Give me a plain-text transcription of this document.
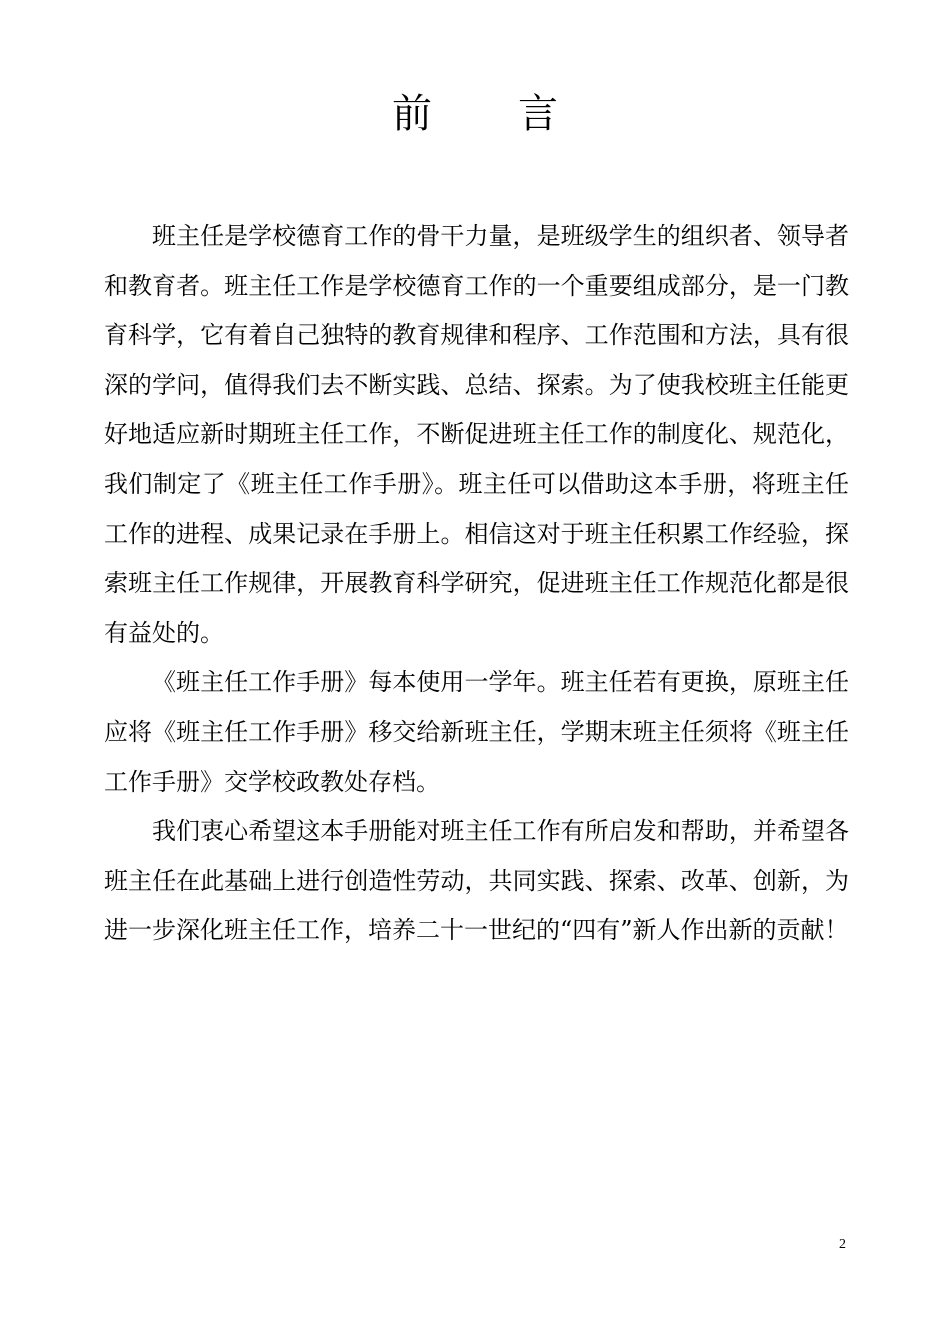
前 言

班主任是学校德育工作的骨干力量，是班级学生的组织者、领导者和教育者。班主任工作是学校德育工作的一个重要组成部分，是一门教育科学，它有着自己独特的教育规律和程序、工作范围和方法，具有很深的学问，值得我们去不断实践、总结、探索。为了使我校班主任能更好地适应新时期班主任工作，不断促进班主任工作的制度化、规范化，我们制定了《班主任工作手册》。班主任可以借助这本手册，将班主任工作的进程、成果记录在手册上。相信这对于班主任积累工作经验，探索班主任工作规律，开展教育科学研究，促进班主任工作规范化都是很有益处的。

《班主任工作手册》每本使用一学年。班主任若有更换，原班主任应将《班主任工作手册》移交给新班主任，学期末班主任须将《班主任工作手册》交学校政教处存档。

我们衷心希望这本手册能对班主任工作有所启发和帮助，并希望各班主任在此基础上进行创造性劳动，共同实践、探索、改革、创新，为进一步深化班主任工作，培养二十一世纪的“四有”新人作出新的贡献！

2
